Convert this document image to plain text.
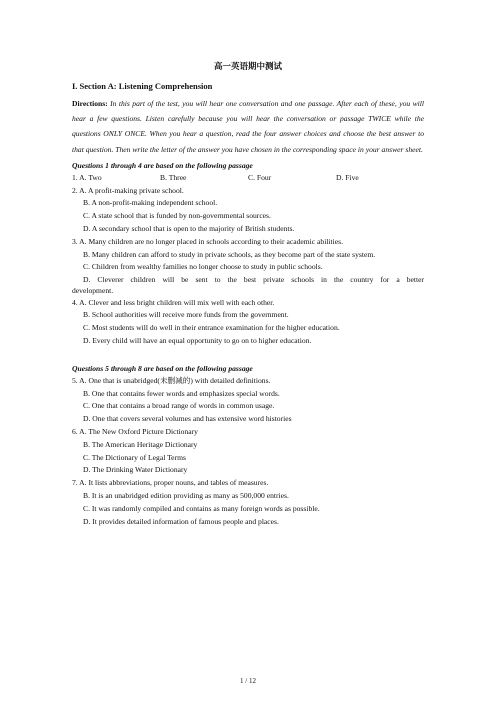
高一英语期中测试
I. Section A: Listening Comprehension
Directions: In this part of the test, you will hear one conversation and one passage. After each of these, you will hear a few questions. Listen carefully because you will hear the conversation or passage TWICE while the questions ONLY ONCE. When you hear a question, read the four answer choices and choose the best answer to that question. Then write the letter of the answer you have chosen in the corresponding space in your answer sheet.
Questions 1 through 4 are based on the following passage
1. A. Two	B. Three	C. Four	D. Five
2. A. A profit-making private school.
B. A non-profit-making independent school.
C. A state school that is funded by non-governmental sources.
D. A secondary school that is open to the majority of British students.
3. A. Many children are no longer placed in schools according to their academic abilities.
B. Many children can afford to study in private schools, as they become part of the state system.
C. Children from wealthy families no longer choose to study in public schools.
D. Cleverer children will be sent to the best private schools in the country for a better development.
4. A. Clever and less bright children will mix well with each other.
B. School authorities will receive more funds from the government.
C. Most students will do well in their entrance examination for the higher education.
D. Every child will have an equal opportunity to go on to higher education.
Questions 5 through 8 are based on the following passage
5. A. One that is unabridged(未删减的) with detailed definitions.
B. One that contains fewer words and emphasizes special words.
C. One that contains a broad range of words in common usage.
D. One that covers several volumes and has extensive word histories
6. A. The New Oxford Picture Dictionary
B. The American Heritage Dictionary
C. The Dictionary of Legal Terms
D. The Drinking Water Dictionary
7. A. It lists abbreviations, proper nouns, and tables of measures.
B. It is an unabridged edition providing as many as 500,000 entries.
C. It was randomly compiled and contains as many foreign words as possible.
D. It provides detailed information of famous people and places.
1 / 12
